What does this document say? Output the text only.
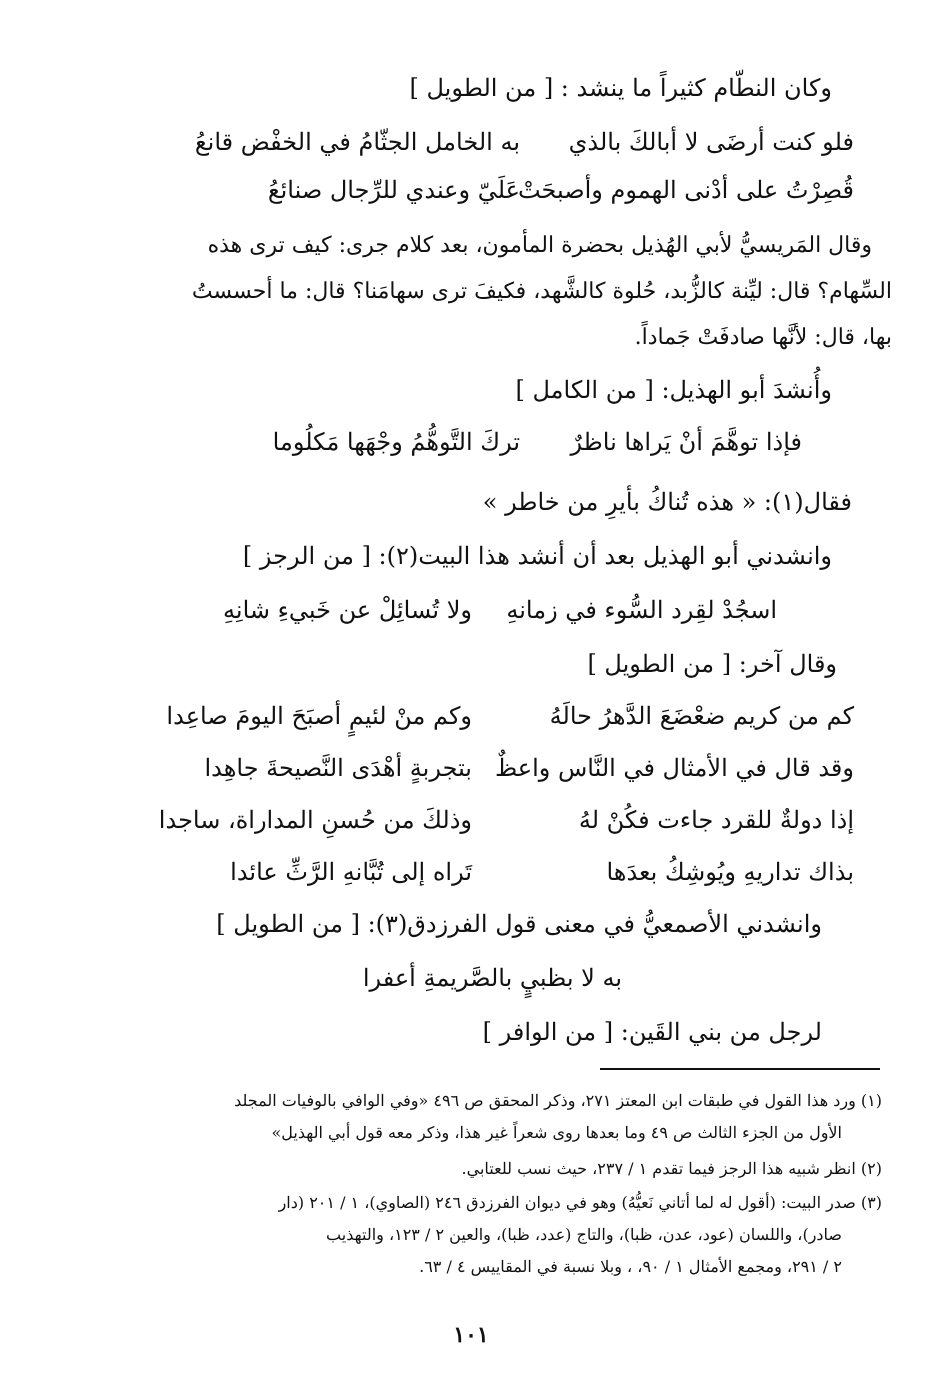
وكان النطّام كثيراً ما ينشد : [ من الطويل ]
فلو كنت أرضَى لا أبالكَ بالذي
به الخامل الجثّامُ في الخفْض قانعُ
قُصِرْتُ على أدْنى الهموم وأصبحَتْ
عَلَيّ وعندي للرِّجال صنائعُ
وقال المَريسيُّ لأبي الهُذيل بحضرة المأمون، بعد كلام جرى: كيف ترى هذه
السِّهام؟ قال: ليِّنة كالزُّبد، حُلوة كالشَّهد، فكيفَ ترى سهامَنا؟ قال: ما أحسستُ
بها، قال: لأنَّها صادفَتْ جَماداً.
وأُنشدَ أبو الهذيل: [ من الكامل ]
فإذا توهَّمَ أنْ يَراها ناظرٌ
تركَ التَّوهُّمُ وجْهَها مَكلُوما
فقال(١): « هذه تُناكُ بأيرِ من خاطر »
وانشدني أبو الهذيل بعد أن أنشد هذا البيت(٢): [ من الرجز ]
اسجُدْ لقِرد السُّوء في زمانهِ
ولا تُسائِلْ عن خَبيءِ شانِهِ
وقال آخر: [ من الطويل ]
كم من كريم ضعْضَعَ الدَّهرُ حالَهُ
وكم منْ لئيمٍ أصبَحَ اليومَ صاعِدا
وقد قال في الأمثال في النَّاس واعظٌ
بتجربةٍ أهْدَى النَّصيحةَ جاهِدا
إذا دولةٌ للقرد جاءت فكُنْ لهُ
وذلكَ من حُسنِ المداراة، ساجدا
بذاك تداريهِ ويُوشِكُ بعدَها
تَراه إلى تُبَّانهِ الرَّثِّ عائدا
وانشدني الأصمعيُّ في معنى قول الفرزدق(٣): [ من الطويل ]
به لا بظبيٍ بالصَّريمةِ أعفرا
لرجل من بني القَين: [ من الوافر ]
(١) ورد هذا القول في طبقات ابن المعتز ٢٧١، وذكر المحقق ص ٤٩٦ «وفي الوافي بالوفيات المجلد
الأول من الجزء الثالث ص ٤٩ وما بعدها روى شعراً غير هذا، وذكر معه قول أبي الهذيل»
(٢) انظر شبيه هذا الرجز فيما تقدم ١ / ٢٣٧، حيث نسب للعتابي.
(٣) صدر البيت: (أقول له لما أتاني نَعيُّهُ) وهو في ديوان الفرزدق ٢٤٦ (الصاوي)، ١ / ٢٠١ (دار
صادر)، واللسان (عود، عدن، ظبا)، والتاج (عدد، ظبا)، والعين ٢ / ١٢٣، والتهذيب
٢ / ٢٩١، ومجمع الأمثال ١ / ٩٠، ، وبلا نسبة في المقاييس ٤ / ٦٣.
١٠١
